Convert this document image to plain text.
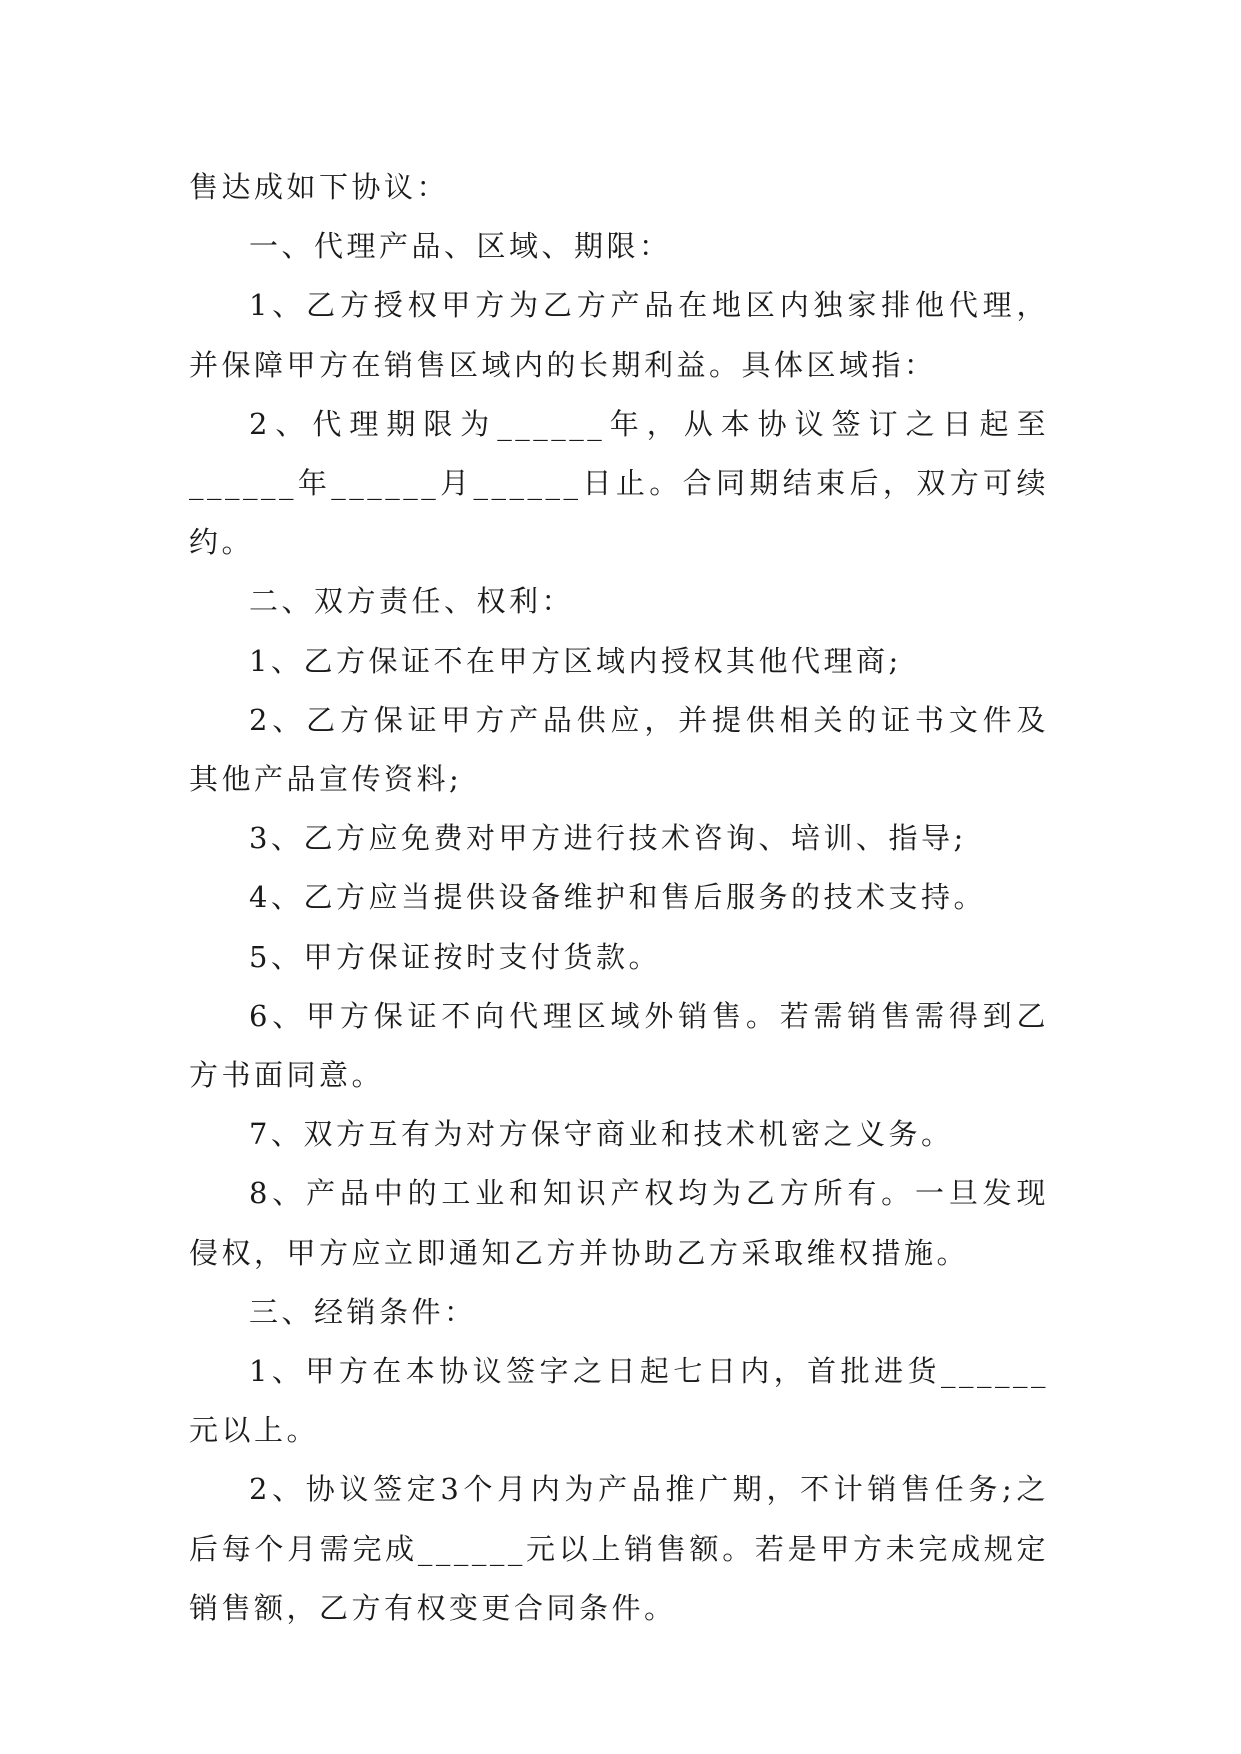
售达成如下协议：

一、代理产品、区域、期限：

1、乙方授权甲方为乙方产品在地区内独家排他代理，并保障甲方在销售区域内的长期利益。具体区域指：

2、代理期限为______年，从本协议签订之日起至______年______月______日止。合同期结束后，双方可续约。

二、双方责任、权利：

1、乙方保证不在甲方区域内授权其他代理商;

2、乙方保证甲方产品供应，并提供相关的证书文件及其他产品宣传资料;

3、乙方应免费对甲方进行技术咨询、培训、指导;

4、乙方应当提供设备维护和售后服务的技术支持。

5、甲方保证按时支付货款。

6、甲方保证不向代理区域外销售。若需销售需得到乙方书面同意。

7、双方互有为对方保守商业和技术机密之义务。

8、产品中的工业和知识产权均为乙方所有。一旦发现侵权，甲方应立即通知乙方并协助乙方采取维权措施。

三、经销条件：

1、甲方在本协议签字之日起七日内，首批进货______元以上。

2、协议签定3个月内为产品推广期，不计销售任务;之后每个月需完成______元以上销售额。若是甲方未完成规定销售额，乙方有权变更合同条件。
